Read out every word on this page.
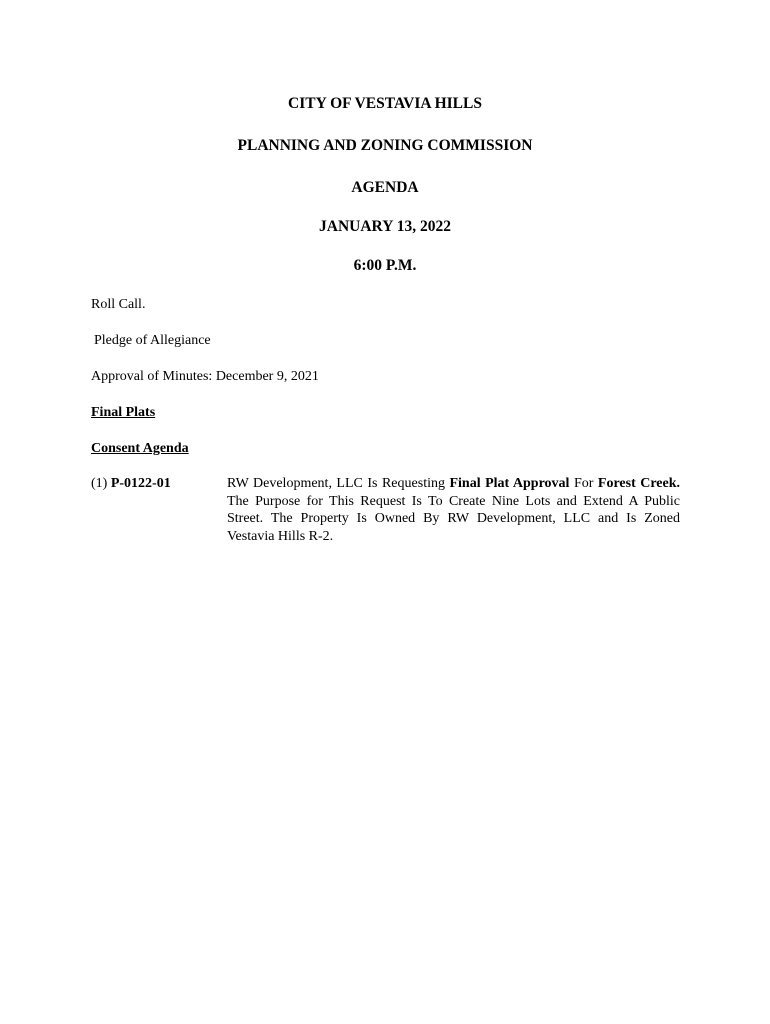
CITY OF VESTAVIA HILLS
PLANNING AND ZONING COMMISSION
AGENDA
JANUARY 13, 2022
6:00 P.M.
Roll Call.
Pledge of Allegiance
Approval of Minutes: December 9, 2021
Final Plats
Consent Agenda
(1) P-0122-01	RW Development, LLC Is Requesting Final Plat Approval For Forest Creek. The Purpose for This Request Is To Create Nine Lots and Extend A Public Street. The Property Is Owned By RW Development, LLC and Is Zoned Vestavia Hills R-2.
